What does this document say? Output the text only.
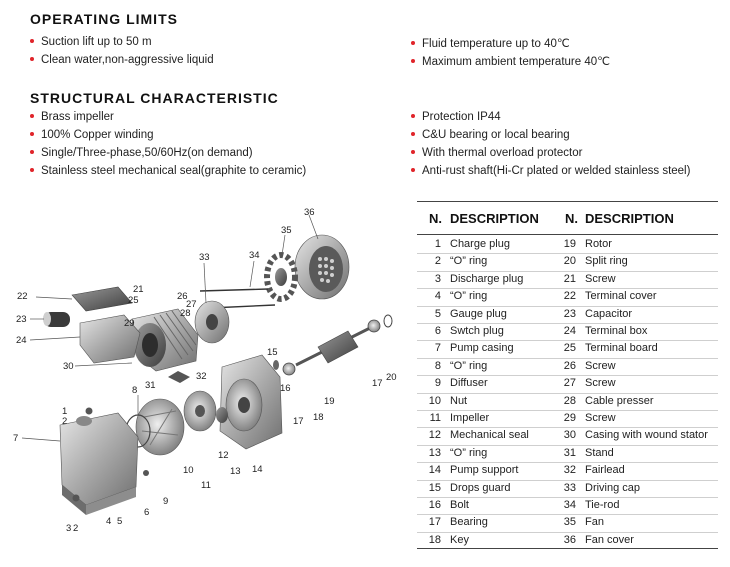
OPERATING LIMITS
Suction lift up to 50 m
Clean water,non-aggressive liquid
Fluid temperature up to 40℃
Maximum ambient temperature 40℃
STRUCTURAL CHARACTERISTIC
Brass impeller
100% Copper winding
Single/Three-phase,50/60Hz(on demand)
Stainless steel mechanical seal(graphite to ceramic)
Protection IP44
C&U bearing or local bearing
With thermal overload protector
Anti-rust shaft(Hi-Cr plated or welded stainless steel)
36
35
34
33
21
22	25	26
27
28
23	29
24
30
15
8 31
32
16
19
17
20
1
2	18
17
7
10
12
13 14
11
9
6
3 2
4 5
N. DESCRIPTION N. DESCRIPTION
1 Charge plug	19 Rotor
2 “O” ring	20 Split ring
3 Discharge plug	21 Screw
4 “O” ring	22 Terminal cover
5 Gauge plug	23 Capacitor
6 Swtch plug	24 Terminal box
7 Pump casing	25 Terminal board
8 “O” ring	26 Screw
9 Diffuser	27 Screw
10 Nut	28 Cable presser
11 Impeller	29 Screw
12 Mechanical seal	30 Casing with wound stator
13 “O” ring	31 Stand
14 Pump support	32 Fairlead
15 Drops guard	33 Driving cap
16 Bolt	34 Tie-rod
17 Bearing	35 Fan
18 Key	36 Fan cover
